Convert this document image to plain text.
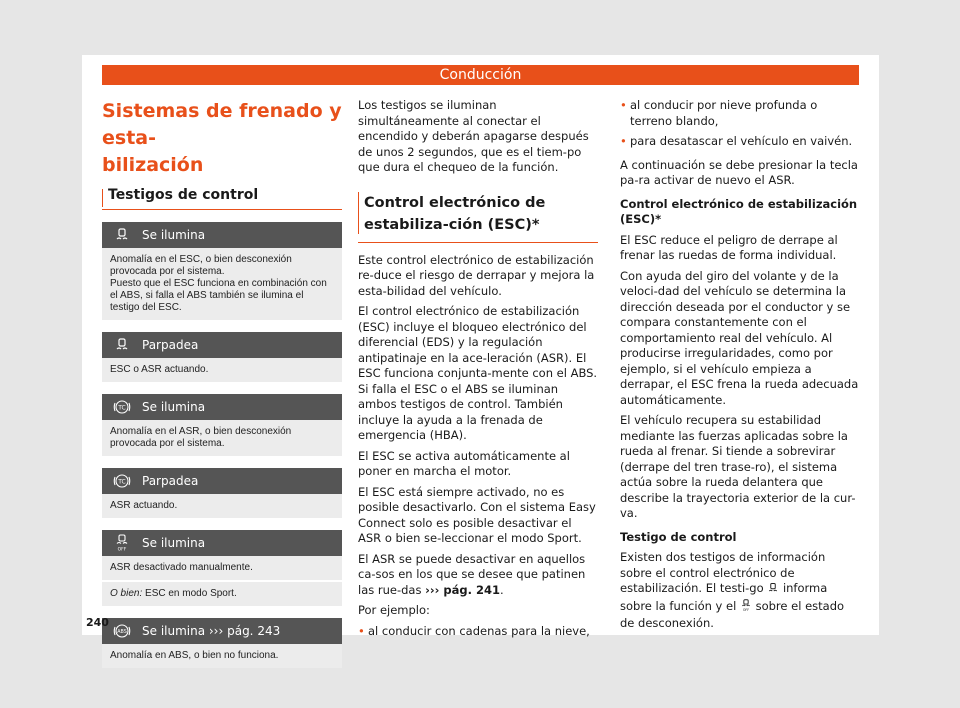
Conducción
Sistemas de frenado y esta-
bilización
Testigos de control
Se ilumina
Anomalía en el ESC, o bien desconexión provocada por el sistema.
Puesto que el ESC funciona en combinación con el ABS, si falla el ABS también se ilumina el testigo del ESC.
Parpadea
ESC o ASR actuando.
TC Se ilumina
Anomalía en el ASR, o bien desconexión provocada por el sistema.
TC Parpadea
ASR actuando.
OFF Se ilumina
ASR desactivado manualmente.
O bien: ESC en modo Sport.
ABS Se ilumina ››› pág. 243
Anomalía en ABS, o bien no funciona.

Los testigos se iluminan simultáneamente al conectar el encendido y deberán apagarse después de unos 2 segundos, que es el tiem-po que dura el chequeo de la función.

Control electrónico de estabiliza-ción (ESC)*

Este control electrónico de estabilización re-duce el riesgo de derrapar y mejora la esta-bilidad del vehículo.

El control electrónico de estabilización (ESC) incluye el bloqueo electrónico del diferencial (EDS) y la regulación antipatinaje en la ace-leración (ASR). El ESC funciona conjunta-mente con el ABS. Si falla el ESC o el ABS se iluminan ambos testigos de control. También incluye la ayuda a la frenada de emergencia (HBA).

El ESC se activa automáticamente al poner en marcha el motor.

El ESC está siempre activado, no es posible desactivarlo. Con el sistema Easy Connect solo es posible desactivar el ASR o bien se-leccionar el modo Sport.

El ASR se puede desactivar en aquellos ca-sos en los que se desee que patinen las rue-das ››› pág. 241.

Por ejemplo:

• al conducir con cadenas para la nieve,
• al conducir por nieve profunda o terreno blando,
• para desatascar el vehículo en vaivén.

A continuación se debe presionar la tecla pa-ra activar de nuevo el ASR.

Control electrónico de estabilización (ESC)*

El ESC reduce el peligro de derrape al frenar las ruedas de forma individual.

Con ayuda del giro del volante y de la veloci-dad del vehículo se determina la dirección deseada por el conductor y se compara constantemente con el comportamiento real del vehículo. Al producirse irregularidades, como por ejemplo, si el vehículo empieza a derrapar, el ESC frena la rueda adecuada automáticamente.

El vehículo recupera su estabilidad mediante las fuerzas aplicadas sobre la rueda al frenar. Si tiende a sobrevirar (derrape del tren trase-ro), el sistema actúa sobre la rueda delantera que describe la trayectoria exterior de la cur-va.

Testigo de control

Existen dos testigos de información sobre el control electrónico de estabilización. El testi-go  informa sobre la función y el OFF sobre el estado de desconexión.

240
